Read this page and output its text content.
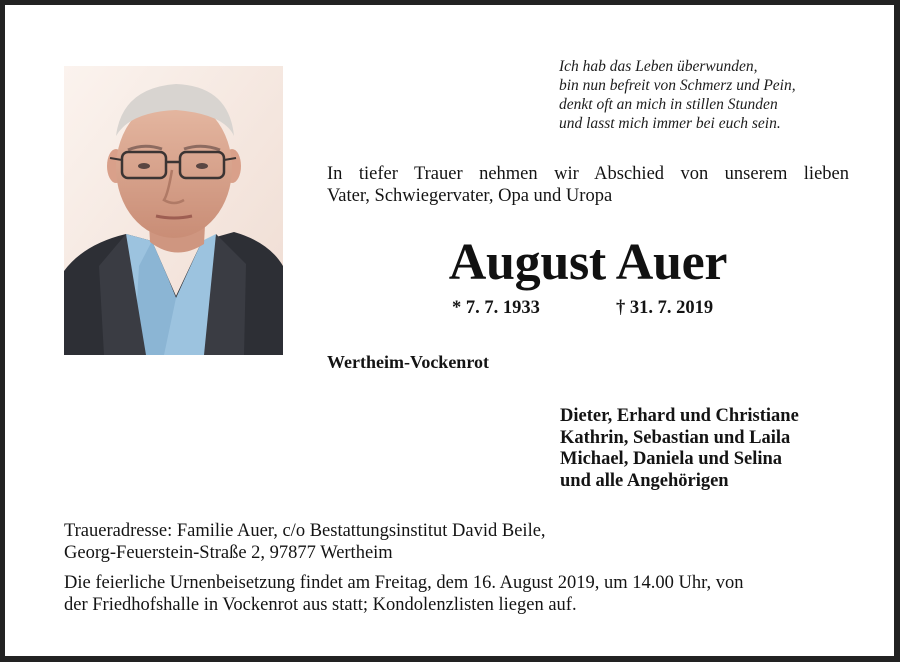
Ich hab das Leben überwunden,
bin nun befreit von Schmerz und Pein,
denkt oft an mich in stillen Stunden
und lasst mich immer bei euch sein.
In tiefer Trauer nehmen wir Abschied von unserem lieben
Vater, Schwiegervater, Opa und Uropa
August Auer
* 7. 7. 1933	† 31. 7. 2019
Wertheim-Vockenrot
Dieter, Erhard und Christiane
Kathrin, Sebastian und Laila
Michael, Daniela und Selina
und alle Angehörigen
Traueradresse: Familie Auer, c/o Bestattungsinstitut David Beile,
Georg-Feuerstein-Straße 2, 97877 Wertheim
Die feierliche Urnenbeisetzung findet am Freitag, dem 16. August 2019, um 14.00 Uhr, von
der Friedhofshalle in Vockenrot aus statt; Kondolenzlisten liegen auf.
